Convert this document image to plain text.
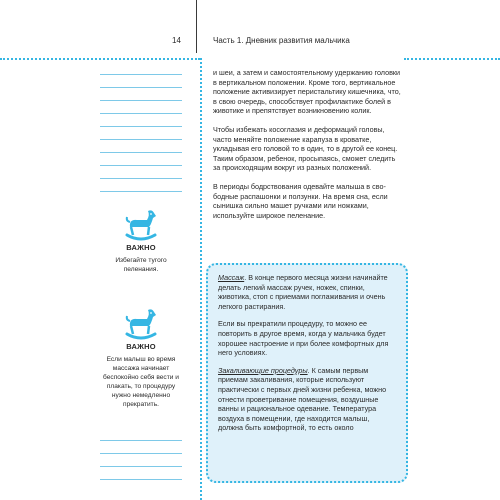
14	Часть 1. Дневник развития мальчика
ВАЖНО
Избегайте тугого пеленания.
ВАЖНО
Если малыш во время массажа начинает беспокойно себя вести и плакать, то процедуру нужно немедленно прекратить.

и шеи, а затем и самостоятельному удержанию головки в вертикальном положении. Кроме того, вертикальное положение активизирует перистальтику кишечника, что, в свою очередь, способствует профилактике болей в животике и препятствует возникновению колик.

Чтобы избежать косоглазия и деформаций головы, часто меняйте положение карапуза в кроватке, укладывая его головой то в один, то в другой ее конец. Таким образом, ребенок, просыпаясь, сможет следить за происходящим вокруг из разных положений.

В периоды бодрствования одевайте малыша в свободные распашонки и ползунки. На время сна, если сынишка сильно машет ручками или ножками, используйте широкое пеленание.

Массаж. В конце первого месяца жизни начинайте делать легкий массаж ручек, ножек, спинки, животика, стоп с приемами поглаживания и очень легкого растирания.

Если вы прекратили процедуру, то можно ее повторить в другое время, когда у мальчика будет хорошее настроение и при более комфортных для него условиях.

Закаливающие процедуры. К самым первым приемам закаливания, которые используют практически с первых дней жизни ребенка, можно отнести проветривание помещения, воздушные ванны и рациональное одевание. Температура воздуха в помещении, где находится малыш, должна быть комфортной, то есть около
